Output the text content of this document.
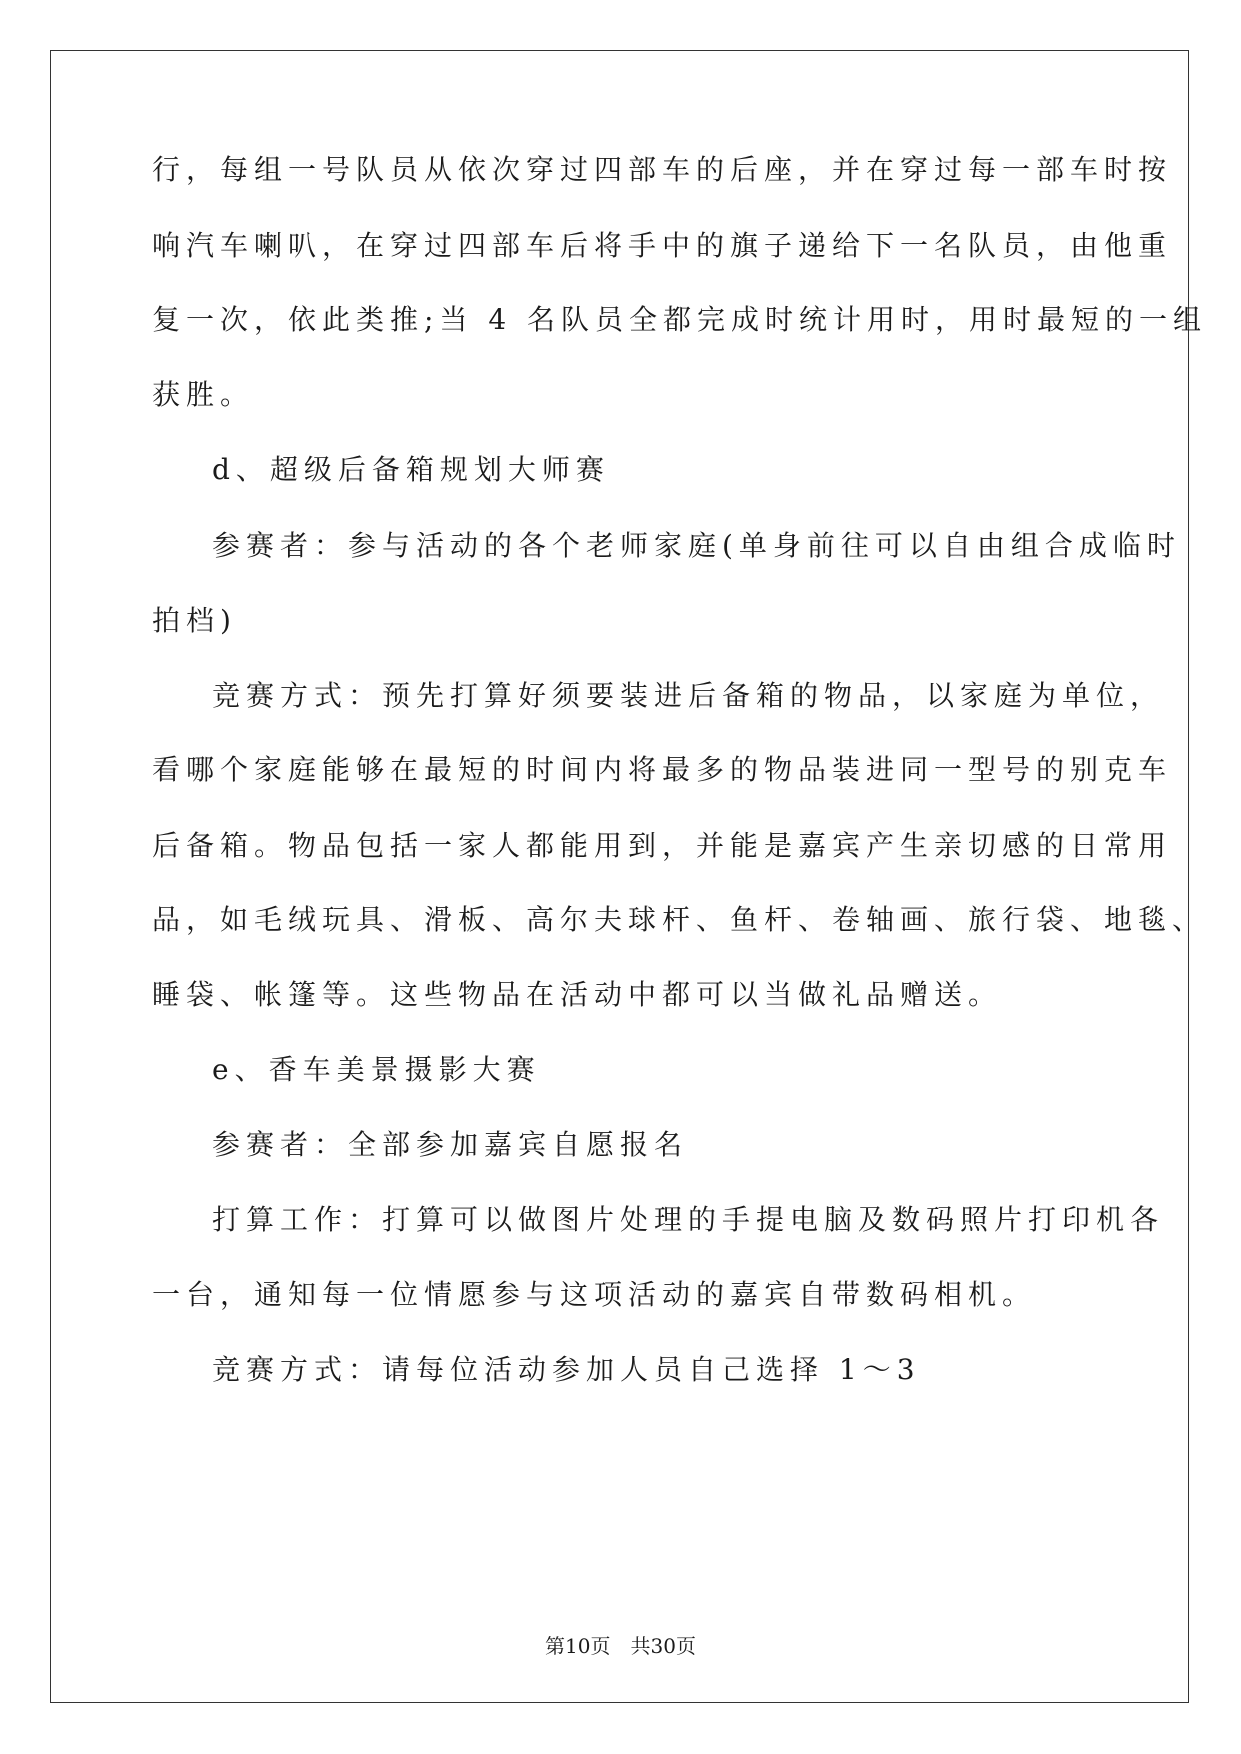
行，每组一号队员从依次穿过四部车的后座，并在穿过每一部车时按
响汽车喇叭，在穿过四部车后将手中的旗子递给下一名队员，由他重
复一次，依此类推;当 4 名队员全都完成时统计用时，用时最短的一组
获胜。
d、超级后备箱规划大师赛
参赛者：参与活动的各个老师家庭(单身前往可以自由组合成临时
拍档)
竞赛方式：预先打算好须要装进后备箱的物品，以家庭为单位，
看哪个家庭能够在最短的时间内将最多的物品装进同一型号的别克车
后备箱。物品包括一家人都能用到，并能是嘉宾产生亲切感的日常用
品，如毛绒玩具、滑板、高尔夫球杆、鱼杆、卷轴画、旅行袋、地毯、
睡袋、帐篷等。这些物品在活动中都可以当做礼品赠送。
e、香车美景摄影大赛
参赛者：全部参加嘉宾自愿报名
打算工作：打算可以做图片处理的手提电脑及数码照片打印机各
一台，通知每一位情愿参与这项活动的嘉宾自带数码相机。
竞赛方式：请每位活动参加人员自己选择 1～3
第10页　共30页
